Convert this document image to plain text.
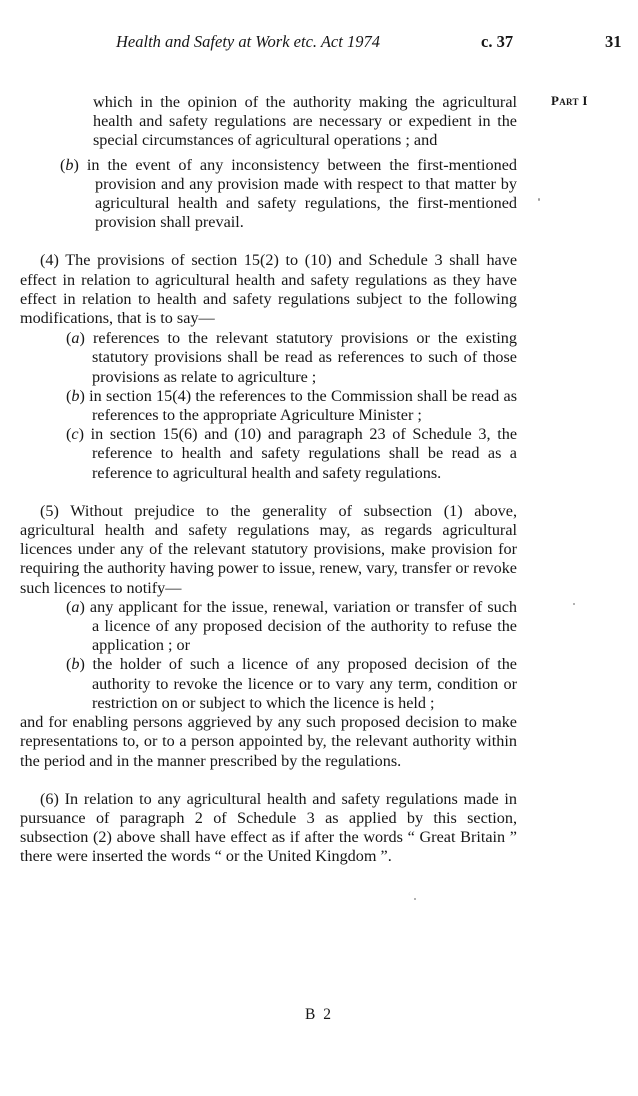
Health and Safety at Work etc. Act 1974	c. 37	31
Part I

which in the opinion of the authority making the agricultural health and safety regulations are necessary or expedient in the special circumstances of agricultural operations ; and

(b) in the event of any inconsistency between the first-mentioned provision and any provision made with respect to that matter by agricultural health and safety regulations, the first-mentioned provision shall prevail.

(4) The provisions of section 15(2) to (10) and Schedule 3 shall have effect in relation to agricultural health and safety regulations as they have effect in relation to health and safety regulations subject to the following modifications, that is to say—

(a) references to the relevant statutory provisions or the existing statutory provisions shall be read as references to such of those provisions as relate to agriculture ;

(b) in section 15(4) the references to the Commission shall be read as references to the appropriate Agriculture Minister ;

(c) in section 15(6) and (10) and paragraph 23 of Schedule 3, the reference to health and safety regulations shall be read as a reference to agricultural health and safety regulations.

(5) Without prejudice to the generality of subsection (1) above, agricultural health and safety regulations may, as regards agricultural licences under any of the relevant statutory provisions, make provision for requiring the authority having power to issue, renew, vary, transfer or revoke such licences to notify—

(a) any applicant for the issue, renewal, variation or transfer of such a licence of any proposed decision of the authority to refuse the application ; or

(b) the holder of such a licence of any proposed decision of the authority to revoke the licence or to vary any term, condition or restriction on or subject to which the licence is held ;

and for enabling persons aggrieved by any such proposed decision to make representations to, or to a person appointed by, the relevant authority within the period and in the manner prescribed by the regulations.

(6) In relation to any agricultural health and safety regulations made in pursuance of paragraph 2 of Schedule 3 as applied by this section, subsection (2) above shall have effect as if after the words “ Great Britain ” there were inserted the words “ or the United Kingdom ”.

B 2
